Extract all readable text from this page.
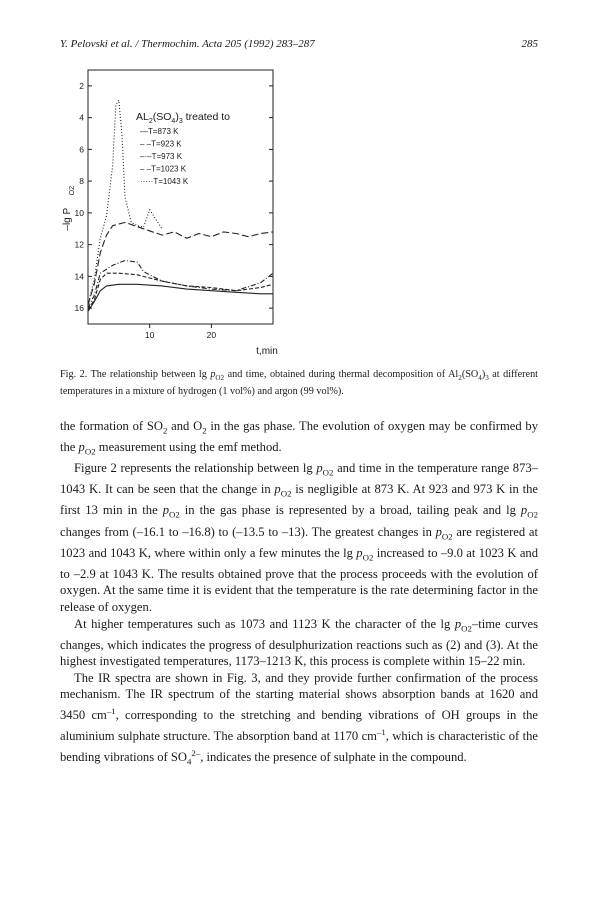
Y. Pelovski et al. / Thermochim. Acta 205 (1992) 283–287	285
2
4
6
8
10
12
14
16
10	20
t,min
–lg P
O2
$AL_2(SO_4)_3$ treated to
—T=873 K
– –T=923 K
–·–T=973 K
– –T=1023 K
·····T=1043 K
Fig. 2. The relationship between $\lg p_{O2}$ and time, obtained during thermal decomposition of $Al_2(SO_4)_3$ at different temperatures in a mixture of hydrogen (1 vol%) and argon (99 vol%).

the formation of $SO_2$ and $O_2$ in the gas phase. The evolution of oxygen may be confirmed by the $p_{O2}$ measurement using the emf method.

Figure 2 represents the relationship between $\lg p_{O2}$ and time in the temperature range 873–1043 K. It can be seen that the change in $p_{O2}$ is negligible at 873 K. At 923 and 973 K in the first 13 min in the $p_{O2}$ in the gas phase is represented by a broad, tailing peak and $\lg p_{O2}$ changes from (–16.1 to –16.8) to (–13.5 to –13). The greatest changes in $p_{O2}$ are registered at 1023 and 1043 K, where within only a few minutes the $\lg p_{O2}$ increased to –9.0 at 1023 K and to –2.9 at 1043 K. The results obtained prove that the process proceeds with the evolution of oxygen. At the same time it is evident that the temperature is the rate determining factor in the release of oxygen.

At higher temperatures such as 1073 and 1123 K the character of the $\lg p_{O2}$–time curves changes, which indicates the progress of desulphurization reactions such as (2) and (3). At the highest investigated temperatures, 1173–1213 K, this process is complete within 15–22 min.

The IR spectra are shown in Fig. 3, and they provide further confirmation of the process mechanism. The IR spectrum of the starting material shows absorption bands at 1620 and 3450 $cm^{-1}$, corresponding to the stretching and bending vibrations of OH groups in the aluminium sulphate structure. The absorption band at 1170 $cm^{-1}$, which is characteristic of the bending vibrations of $SO_4^{2-}$, indicates the presence of sulphate in the compound.
